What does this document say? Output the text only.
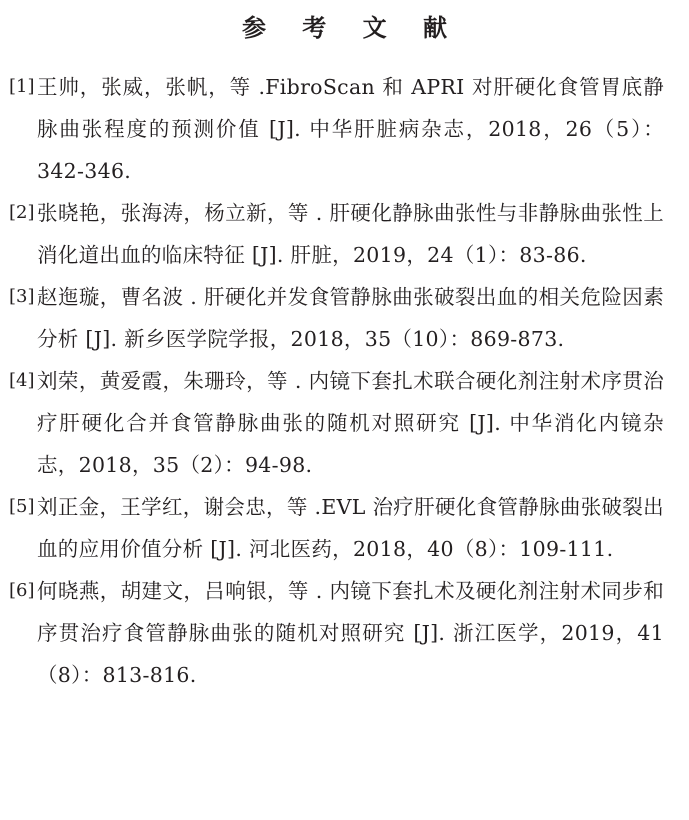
参 考 文 献
[1] 王帅，张威，张帆，等 .FibroScan 和 APRI 对肝硬化食管胃底静脉曲张程度的预测价值 [J]. 中华肝脏病杂志，2018，26（5）：342-346.
[2] 张晓艳，张海涛，杨立新，等 . 肝硬化静脉曲张性与非静脉曲张性上消化道出血的临床特征 [J]. 肝脏，2019，24（1）：83-86.
[3] 赵迤璇，曹名波 . 肝硬化并发食管静脉曲张破裂出血的相关危险因素分析 [J]. 新乡医学院学报，2018，35（10）：869-873.
[4] 刘荣，黄爱霞，朱珊玲，等 . 内镜下套扎术联合硬化剂注射术序贯治疗肝硬化合并食管静脉曲张的随机对照研究 [J]. 中华消化内镜杂志，2018，35（2）：94-98.
[5] 刘正金，王学红，谢会忠，等 .EVL 治疗肝硬化食管静脉曲张破裂出血的应用价值分析 [J]. 河北医药，2018，40（8）：109-111.
[6] 何晓燕，胡建文，吕响银，等 . 内镜下套扎术及硬化剂注射术同步和序贯治疗食管静脉曲张的随机对照研究 [J]. 浙江医学，2019，41（8）：813-816.
